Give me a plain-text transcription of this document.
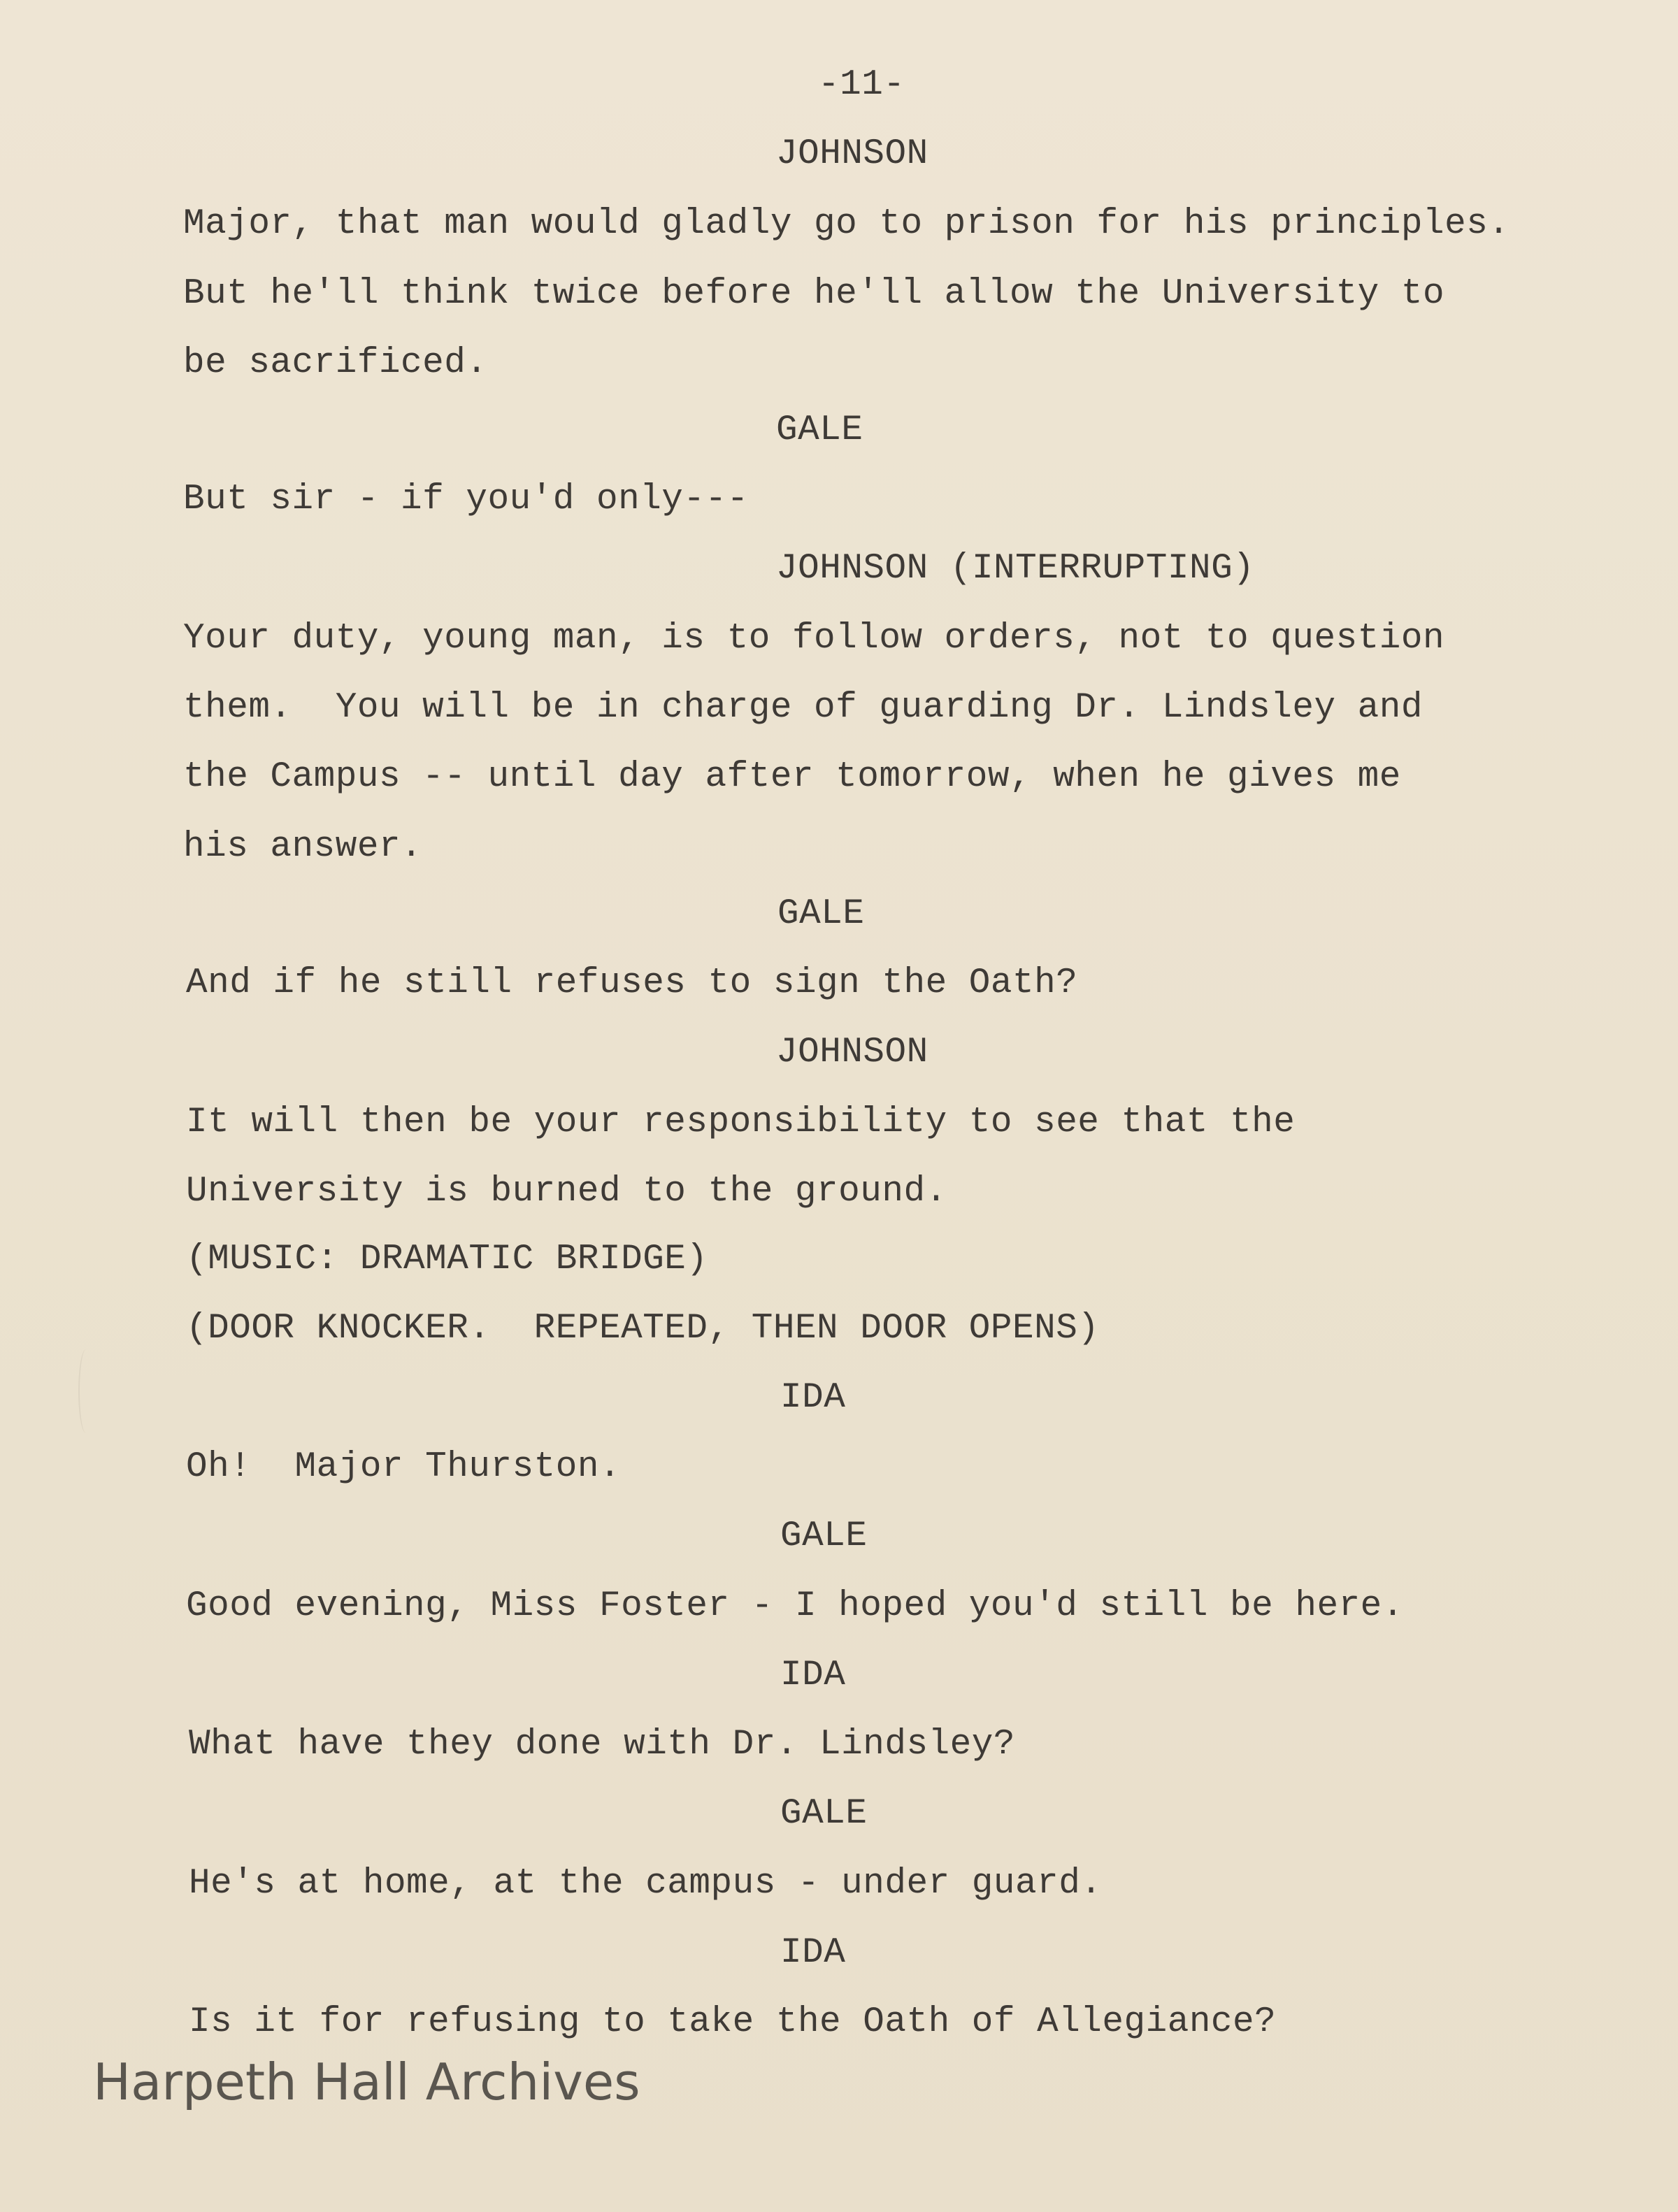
-11-
JOHNSON
Major, that man would gladly go to prison for his principles.
But he'll think twice before he'll allow the University to
be sacrificed.
GALE
But sir - if you'd only---
JOHNSON (INTERRUPTING)
Your duty, young man, is to follow orders, not to question
them.  You will be in charge of guarding Dr. Lindsley and
the Campus -- until day after tomorrow, when he gives me
his answer.
GALE
And if he still refuses to sign the Oath?
JOHNSON
It will then be your responsibility to see that the
University is burned to the ground.
(MUSIC: DRAMATIC BRIDGE)
(DOOR KNOCKER.  REPEATED, THEN DOOR OPENS)
IDA
Oh!  Major Thurston.
GALE
Good evening, Miss Foster - I hoped you'd still be here.
IDA
What have they done with Dr. Lindsley?
GALE
He's at home, at the campus - under guard.
IDA
Is it for refusing to take the Oath of Allegiance?
Harpeth Hall Archives
